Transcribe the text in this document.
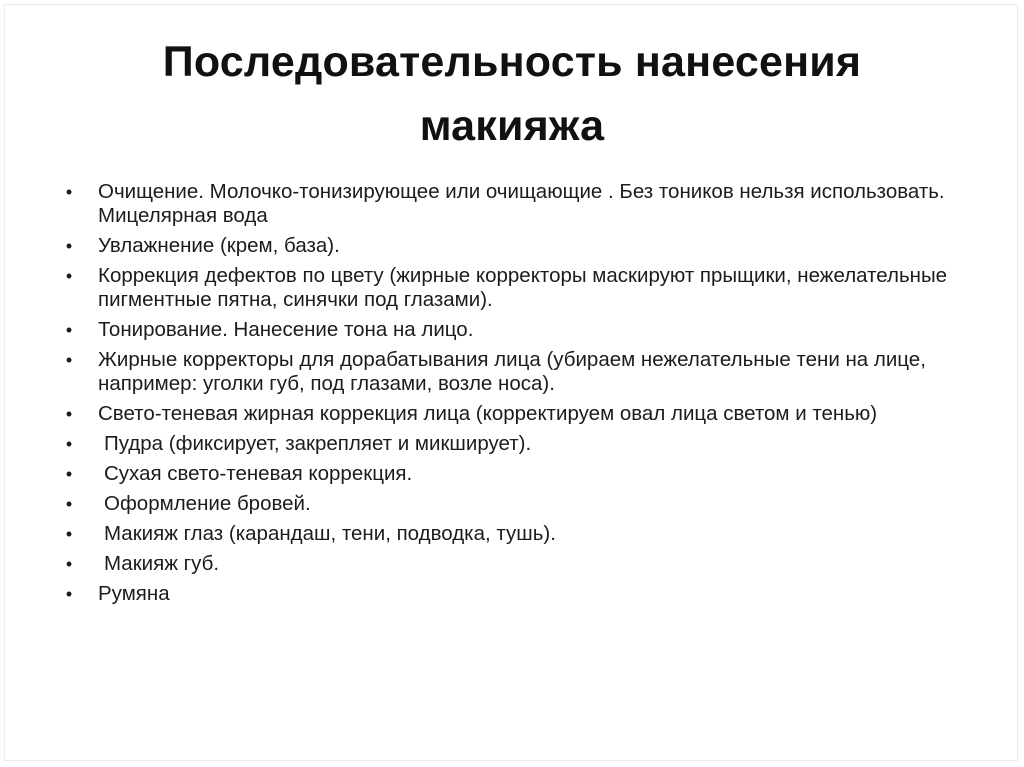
Последовательность нанесения
макияжа
• Очищение. Молочко-тонизирующее или очищающие . Без тоников нельзя использовать. Мицелярная вода
• Увлажнение (крем, база).
• Коррекция дефектов по цвету (жирные корректоры маскируют прыщики, нежелательные пигментные пятна, синячки под глазами).
• Тонирование. Нанесение тона на лицо.
• Жирные корректоры для дорабатывания лица (убираем нежелательные тени на лице, например: уголки губ, под глазами, возле носа).
• Свето-теневая жирная коррекция лица (корректируем овал лица светом и тенью)
• Пудра (фиксирует, закрепляет и микширует).
• Сухая свето-теневая коррекция.
• Оформление бровей.
• Макияж глаз (карандаш, тени, подводка, тушь).
• Макияж губ.
• Румяна
